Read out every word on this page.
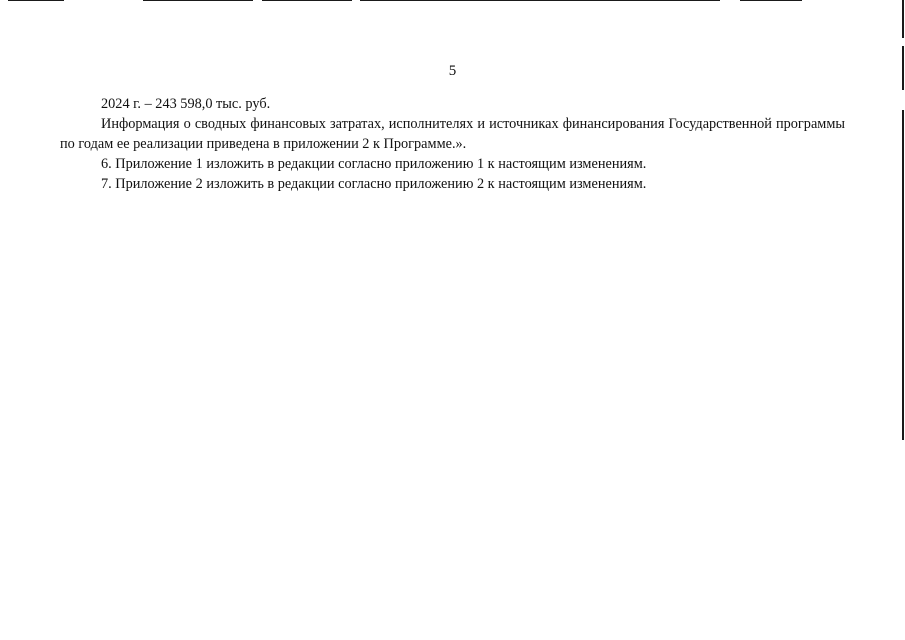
5

2024 г. – 243 598,0 тыс. руб.

Информация о сводных финансовых затратах, исполнителях и источниках финансирования Государственной программы по годам ее реализации приведена в приложении 2 к Программе.».

6. Приложение 1 изложить в редакции согласно приложению 1 к настоящим изменениям.

7. Приложение 2 изложить в редакции согласно приложению 2 к настоящим изменениям.
